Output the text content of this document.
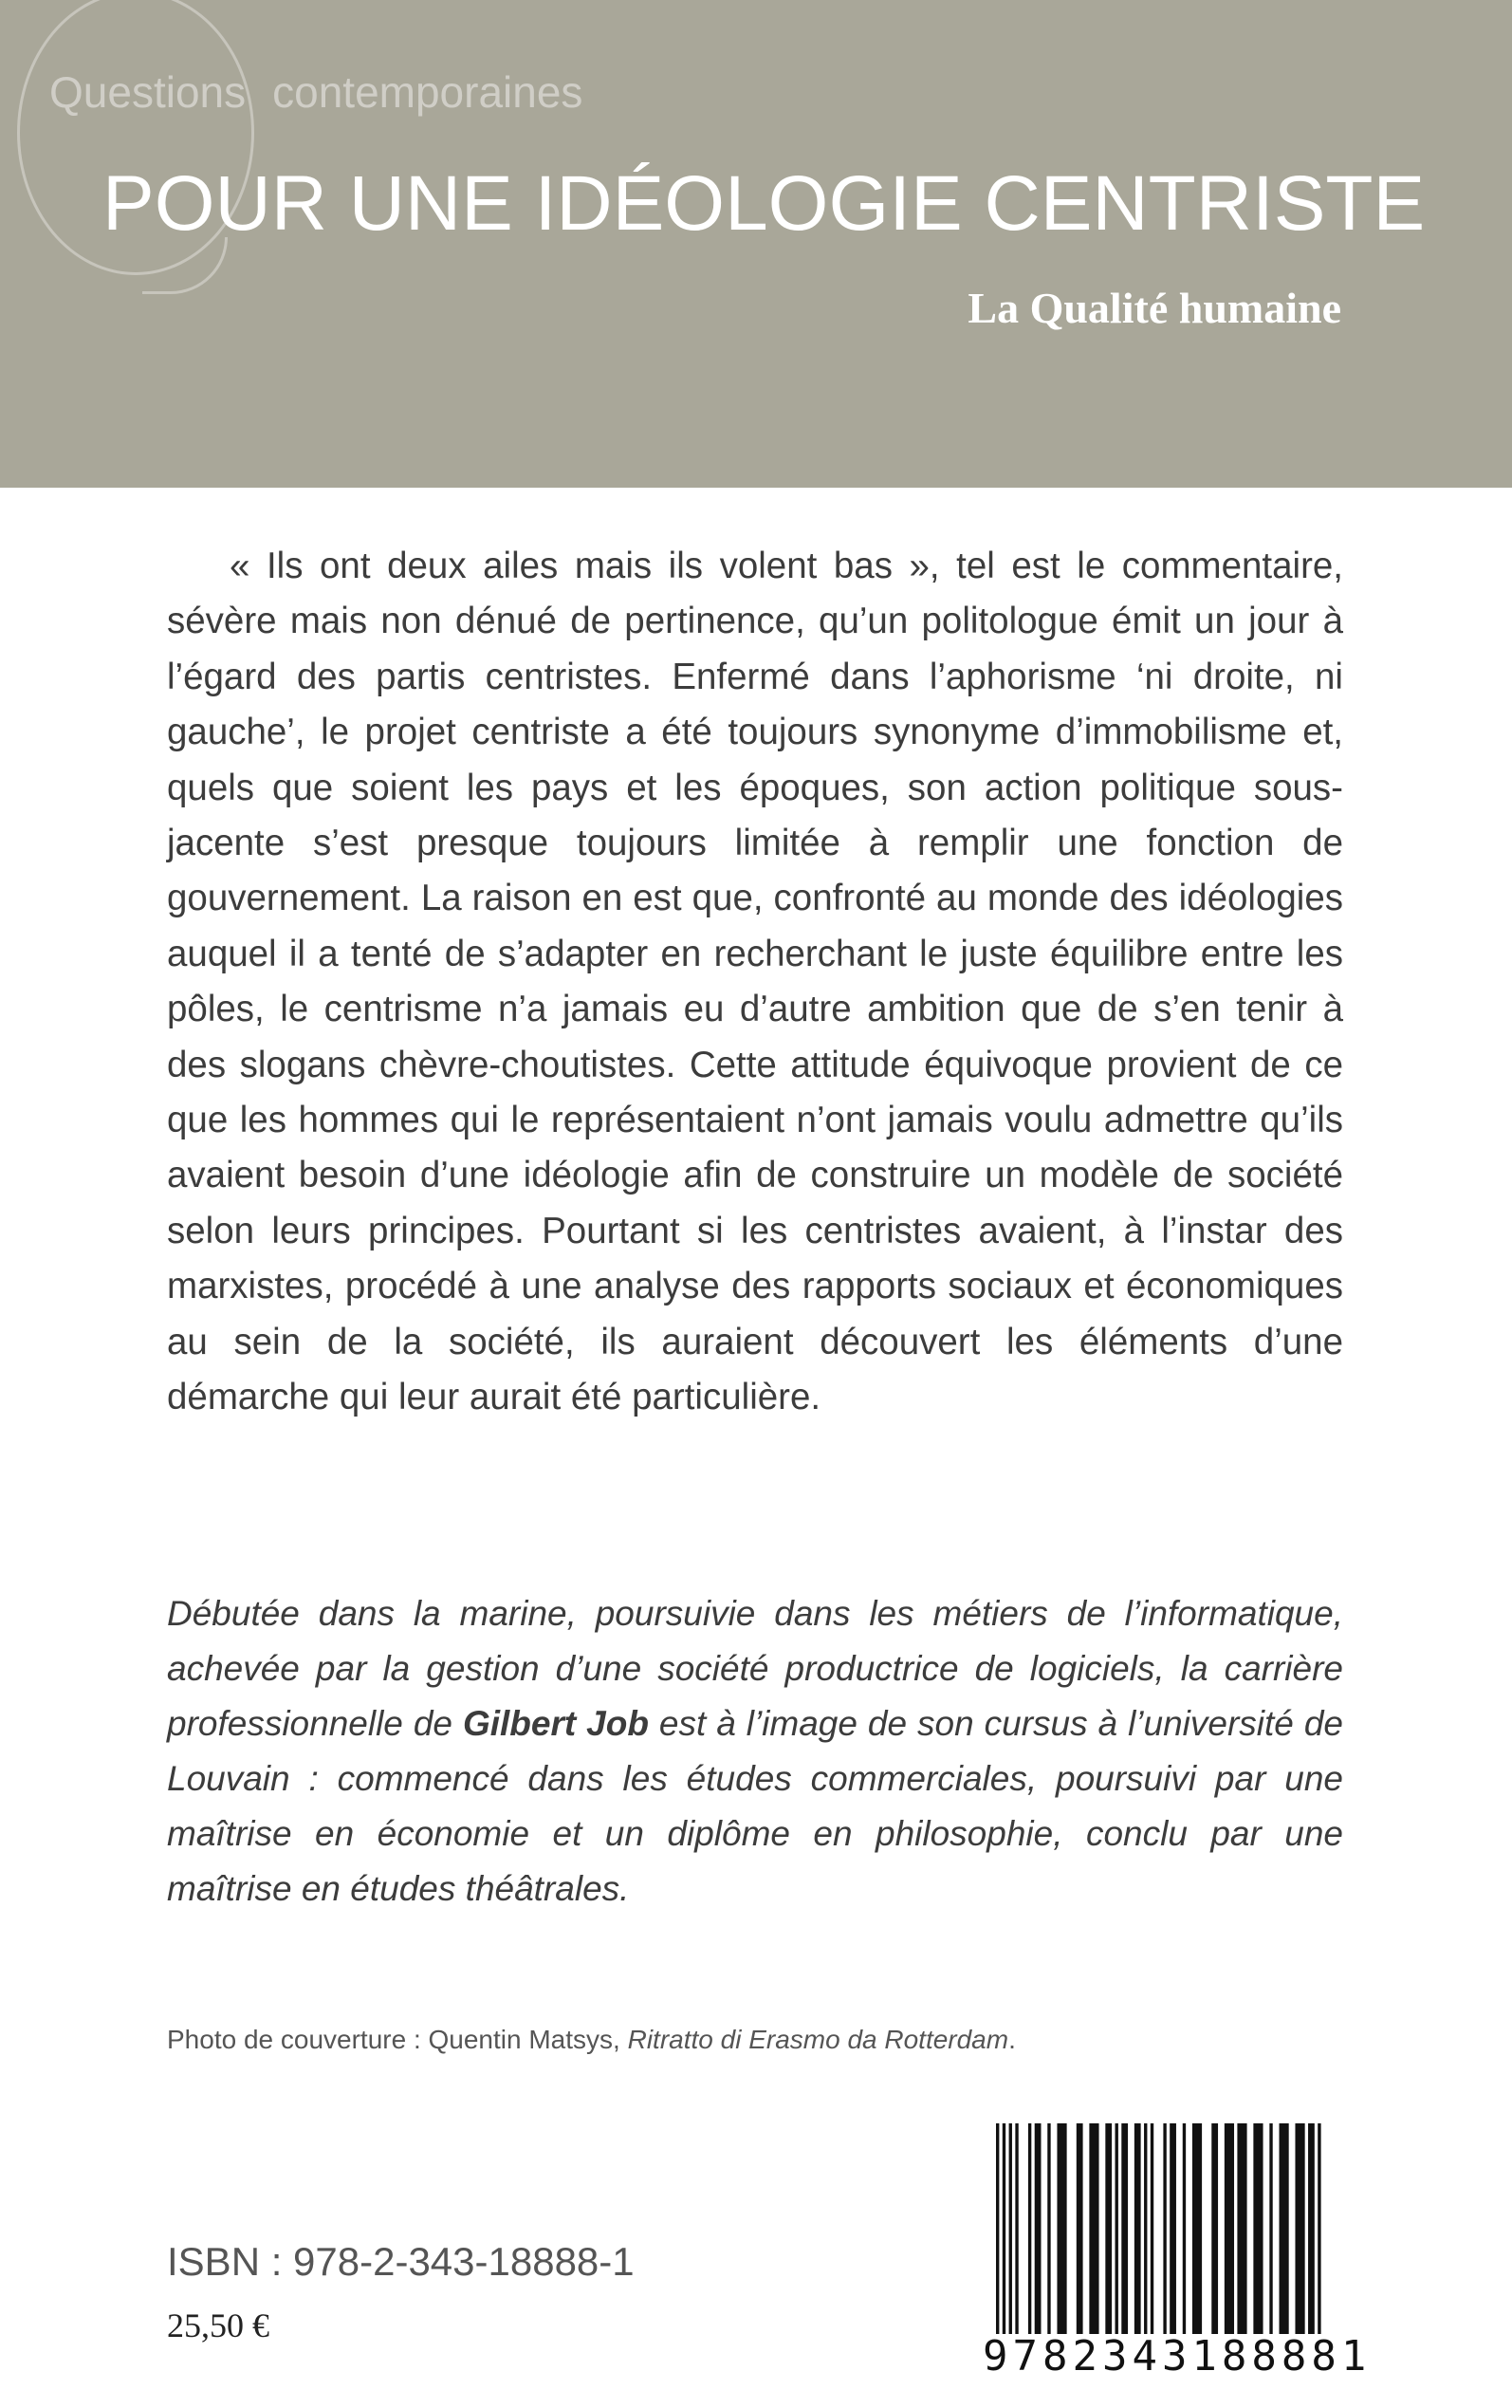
Questions contemporaines
POUR UNE IDÉOLOGIE CENTRISTE
La Qualité humaine

« Ils ont deux ailes mais ils volent bas », tel est le commentaire, sévère mais non dénué de pertinence, qu’un politologue émit un jour à l’égard des partis centristes. Enfermé dans l’aphorisme ‘ni droite, ni gauche’, le projet centriste a été toujours synonyme d’immobilisme et, quels que soient les pays et les époques, son action politique sous-jacente s’est presque toujours limitée à remplir une fonction de gouvernement. La raison en est que, confronté au monde des idéologies auquel il a tenté de s’adapter en recherchant le juste équilibre entre les pôles, le centrisme n’a jamais eu d’autre ambition que de s’en tenir à des slogans chèvre-choutistes. Cette attitude équivoque provient de ce que les hommes qui le représentaient n’ont jamais voulu admettre qu’ils avaient besoin d’une idéologie afin de construire un modèle de société selon leurs principes. Pourtant si les centristes avaient, à l’instar des marxistes, procédé à une analyse des rapports sociaux et économiques au sein de la société, ils auraient découvert les éléments d’une démarche qui leur aurait été particulière.

Débutée dans la marine, poursuivie dans les métiers de l’informatique, achevée par la gestion d’une société productrice de logiciels, la carrière professionnelle de Gilbert Job est à l’image de son cursus à l’université de Louvain : commencé dans les études commerciales, poursuivi par une maîtrise en économie et un diplôme en philosophie, conclu par une maîtrise en études théâtrales.

Photo de couverture : Quentin Matsys, Ritratto di Erasmo da Rotterdam.
ISBN : 978-2-343-18888-1
25,50 €
9782343188881
